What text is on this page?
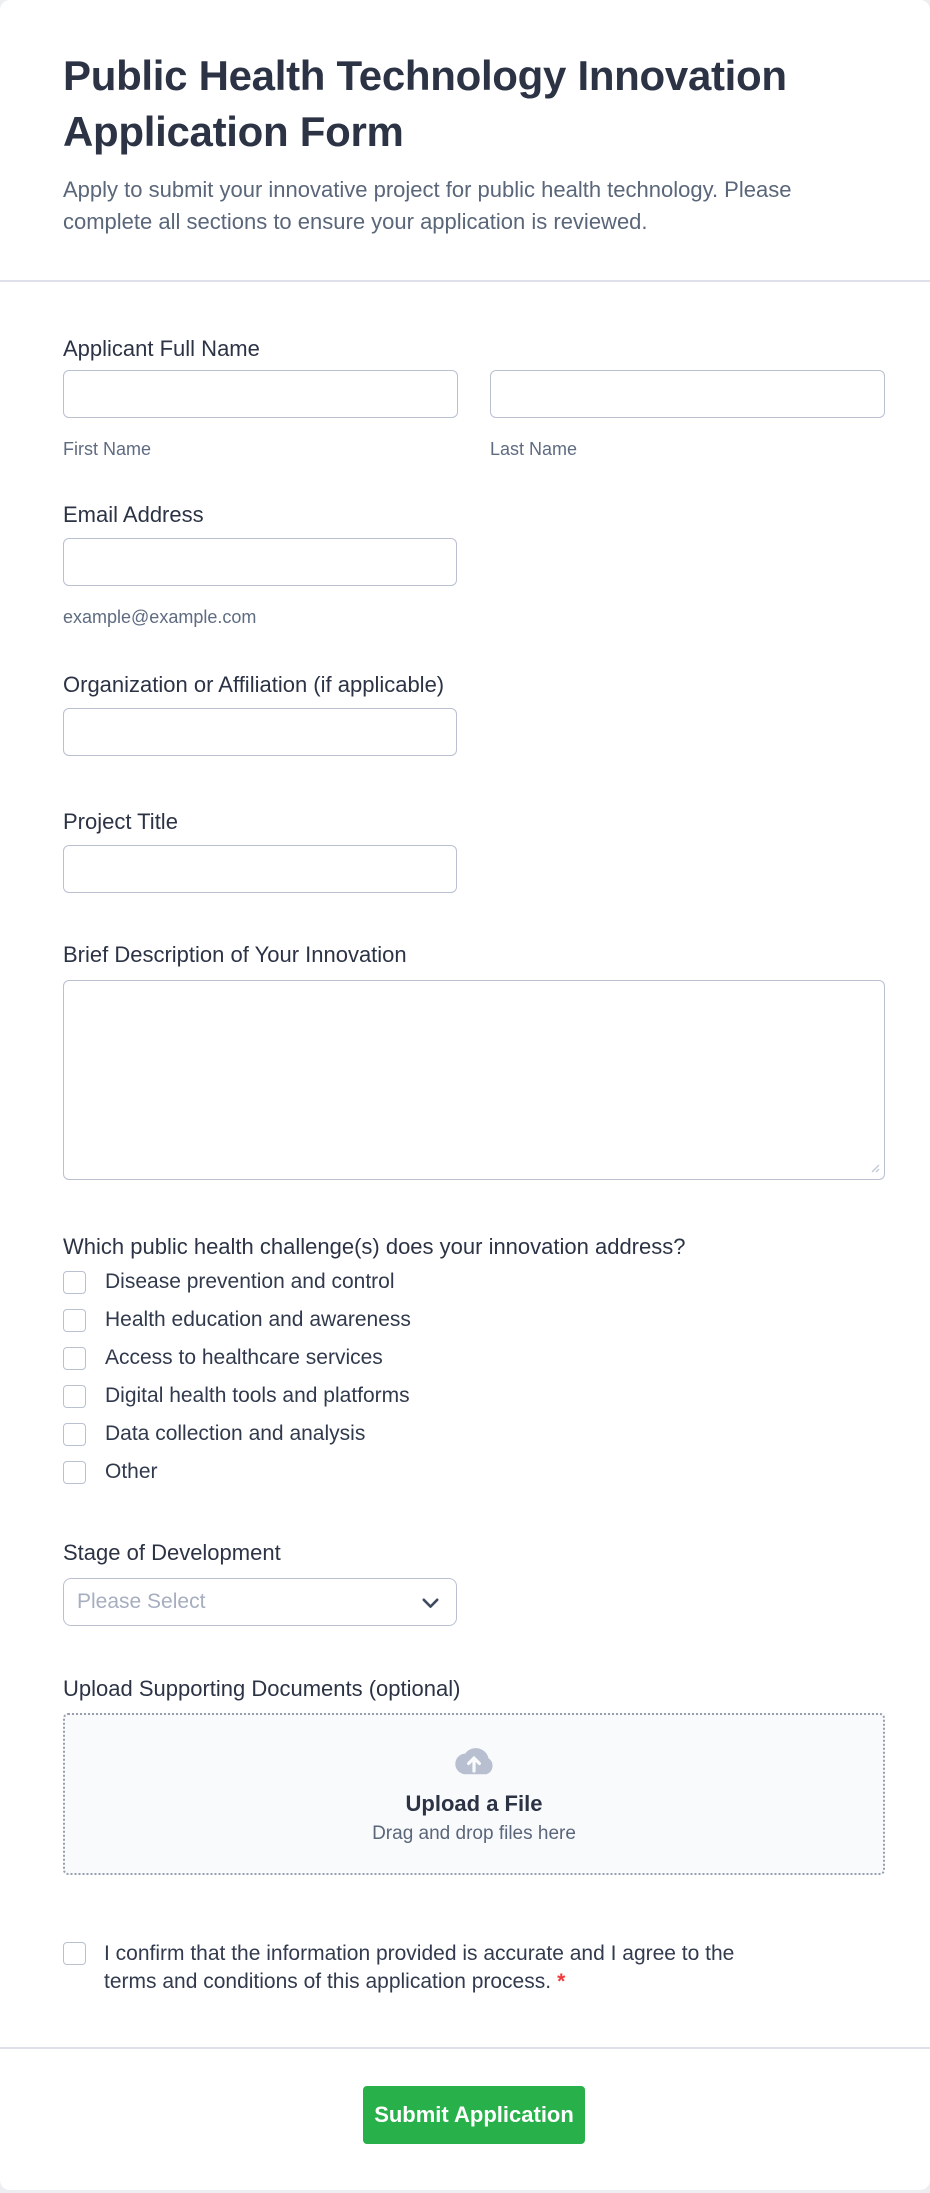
Public Health Technology Innovation
Application Form

Apply to submit your innovative project for public health technology. Please
complete all sections to ensure your application is reviewed.

Applicant Full Name
First Name	Last Name
Email Address
example@example.com
Organization or Affiliation (if applicable)
Project Title
Brief Description of Your Innovation
Which public health challenge(s) does your innovation address?
Disease prevention and control
Health education and awareness
Access to healthcare services
Digital health tools and platforms
Data collection and analysis
Other
Stage of Development
Please Select
Upload Supporting Documents (optional)
Upload a File
Drag and drop files here
I confirm that the information provided is accurate and I agree to the
terms and conditions of this application process. *
Submit Application
